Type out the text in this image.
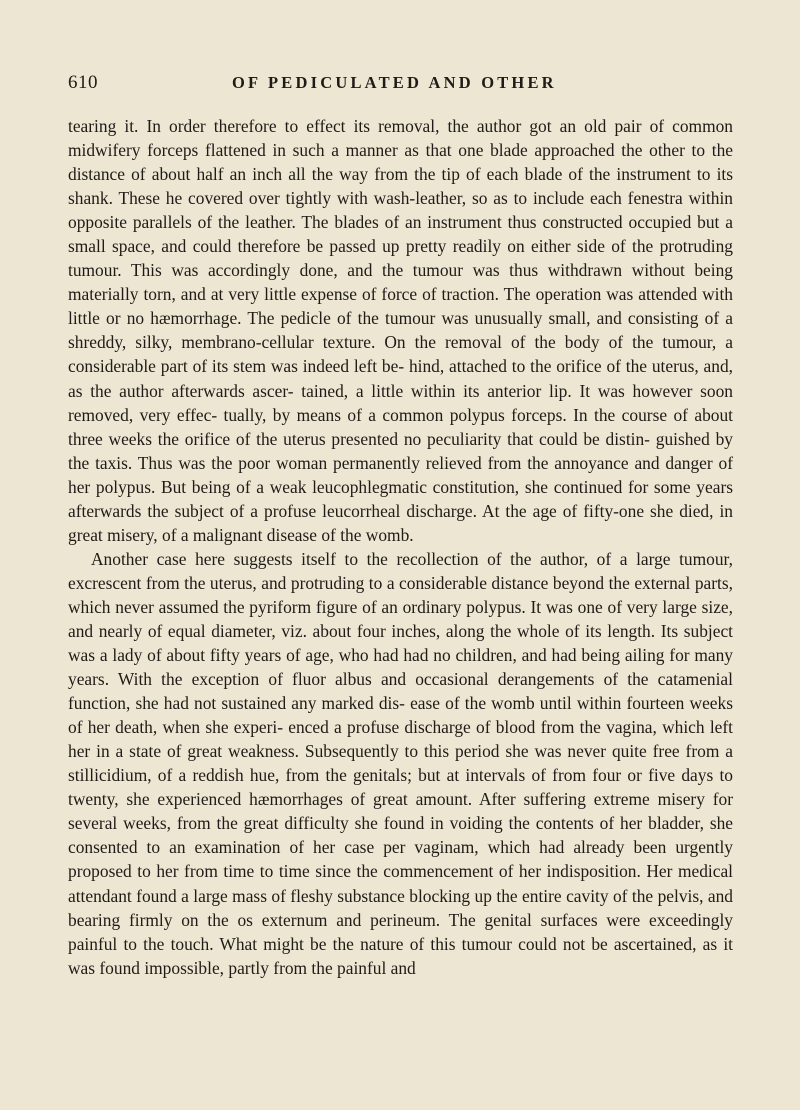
610	OF PEDICULATED AND OTHER

tearing it. In order therefore to effect its removal, the author got an old pair of common midwifery forceps flattened in such a manner as that one blade approached the other to the distance of about half an inch all the way from the tip of each blade of the instrument to its shank. These he covered over tightly with wash-leather, so as to include each fenestra within opposite parallels of the leather. The blades of an instrument thus constructed occupied but a small space, and could therefore be passed up pretty readily on either side of the protruding tumour. This was accordingly done, and the tumour was thus withdrawn without being materially torn, and at very little expense of force of traction. The operation was attended with little or no hæmorrhage. The pedicle of the tumour was unusually small, and consisting of a shreddy, silky, membrano-cellular texture. On the removal of the body of the tumour, a considerable part of its stem was indeed left be- hind, attached to the orifice of the uterus, and, as the author afterwards ascer- tained, a little within its anterior lip. It was however soon removed, very effec- tually, by means of a common polypus forceps. In the course of about three weeks the orifice of the uterus presented no peculiarity that could be distin- guished by the taxis. Thus was the poor woman permanently relieved from the annoyance and danger of her polypus. But being of a weak leucophlegmatic constitution, she continued for some years afterwards the subject of a profuse leucorrheal discharge. At the age of fifty-one she died, in great misery, of a malignant disease of the womb.

Another case here suggests itself to the recollection of the author, of a large tumour, excrescent from the uterus, and protruding to a considerable distance beyond the external parts, which never assumed the pyriform figure of an ordinary polypus. It was one of very large size, and nearly of equal diameter, viz. about four inches, along the whole of its length. Its subject was a lady of about fifty years of age, who had had no children, and had being ailing for many years. With the exception of fluor albus and occasional derangements of the catamenial function, she had not sustained any marked dis- ease of the womb until within fourteen weeks of her death, when she experi- enced a profuse discharge of blood from the vagina, which left her in a state of great weakness. Subsequently to this period she was never quite free from a stillicidium, of a reddish hue, from the genitals; but at intervals of from four or five days to twenty, she experienced hæmorrhages of great amount. After suffering extreme misery for several weeks, from the great difficulty she found in voiding the contents of her bladder, she consented to an examination of her case per vaginam, which had already been urgently proposed to her from time to time since the commencement of her indisposition. Her medical attendant found a large mass of fleshy substance blocking up the entire cavity of the pelvis, and bearing firmly on the os externum and perineum. The genital surfaces were exceedingly painful to the touch. What might be the nature of this tumour could not be ascertained, as it was found impossible, partly from the painful and
